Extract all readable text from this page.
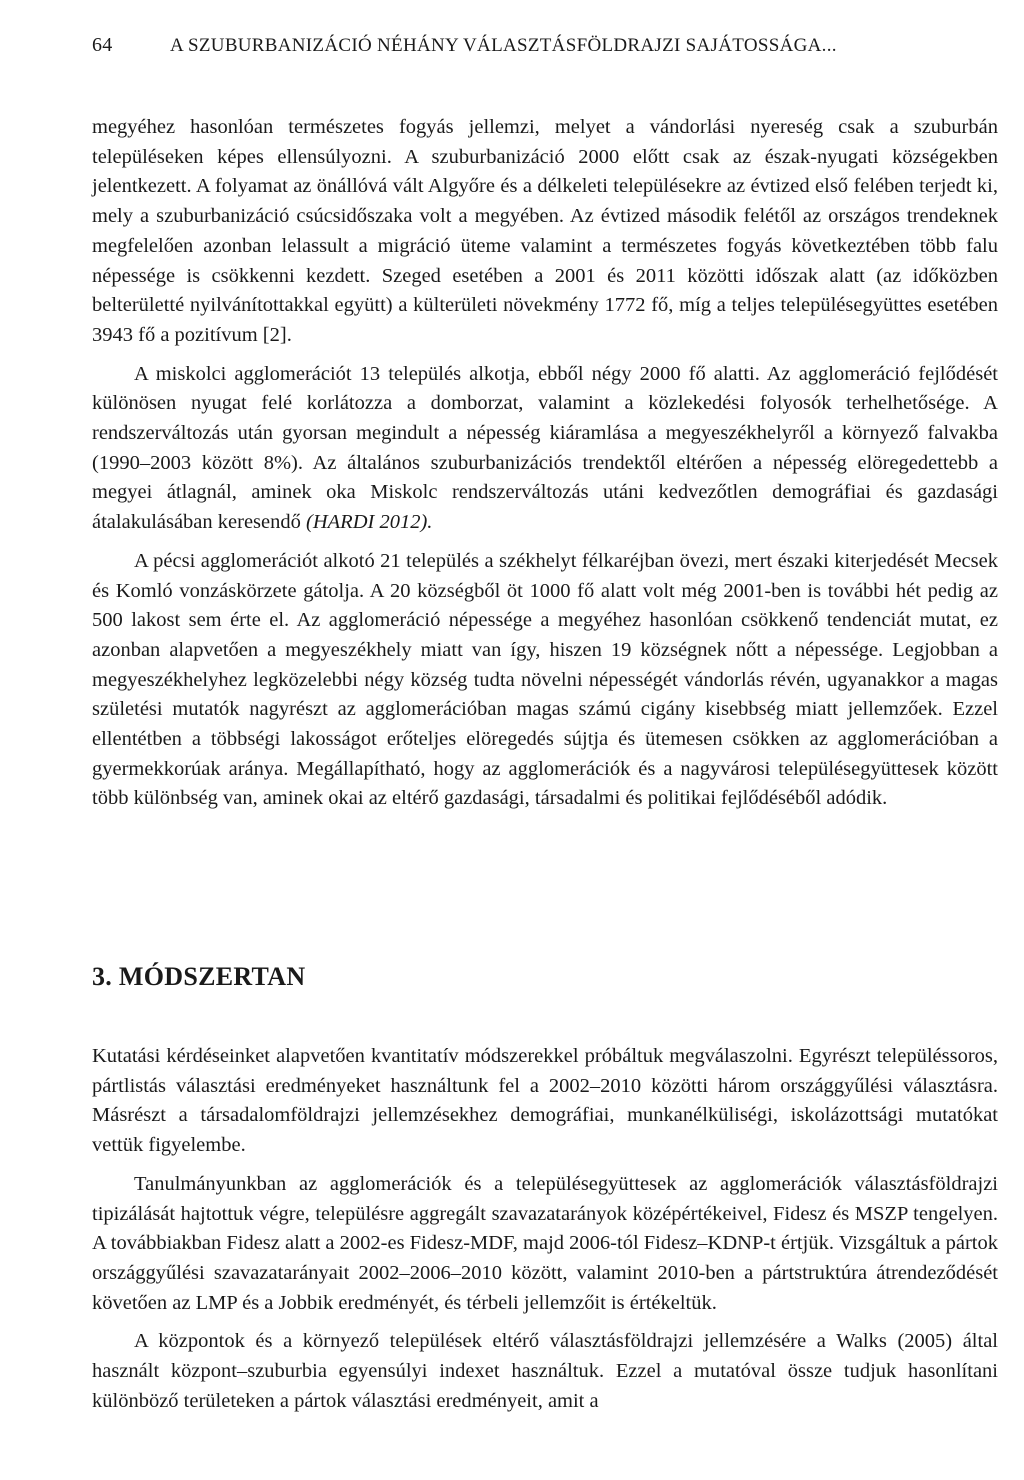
64	A SZUBURBANIZÁCIÓ NÉHÁNY VÁLASZTÁSFÖLDRAJZI SAJÁTOSSÁGA...

megyéhez hasonlóan természetes fogyás jellemzi, melyet a vándorlási nyereség csak a szuburbán településeken képes ellensúlyozni. A szuburbanizáció 2000 előtt csak az észak-nyugati községekben jelentkezett. A folyamat az önállóvá vált Algyőre és a délkeleti településekre az évtized első felében terjedt ki, mely a szuburbanizáció csúcsidőszaka volt a megyében. Az évtized második felétől az országos trendeknek megfelelően azonban lelassult a migráció üteme valamint a természetes fogyás következtében több falu népessége is csökkenni kezdett. Szeged esetében a 2001 és 2011 közötti időszak alatt (az időközben belterületté nyilvánítottakkal együtt) a külterületi növekmény 1772 fő, míg a teljes településegyüttes esetében 3943 fő a pozitívum [2].

A miskolci agglomerációt 13 település alkotja, ebből négy 2000 fő alatti. Az agglomeráció fejlődését különösen nyugat felé korlátozza a domborzat, valamint a közlekedési folyosók terhelhetősége. A rendszerváltozás után gyorsan megindult a népesség kiáramlása a megyeszékhelyről a környező falvakba (1990–2003 között 8%). Az általános szuburbanizációs trendektől eltérően a népesség elöregedettebb a megyei átlagnál, aminek oka Miskolc rendszerváltozás utáni kedvezőtlen demográfiai és gazdasági átalakulásában keresendő (HARDI 2012).

A pécsi agglomerációt alkotó 21 település a székhelyt félkaréjban övezi, mert északi kiterjedését Mecsek és Komló vonzáskörzete gátolja. A 20 községből öt 1000 fő alatt volt még 2001-ben is további hét pedig az 500 lakost sem érte el. Az agglomeráció népessége a megyéhez hasonlóan csökkenő tendenciát mutat, ez azonban alapvetően a megyeszékhely miatt van így, hiszen 19 községnek nőtt a népessége. Legjobban a megyeszékhelyhez legközelebbi négy község tudta növelni népességét vándorlás révén, ugyanakkor a magas születési mutatók nagyrészt az agglomerációban magas számú cigány kisebbség miatt jellemzőek. Ezzel ellentétben a többségi lakosságot erőteljes elöregedés sújtja és ütemesen csökken az agglomerációban a gyermekkorúak aránya. Megállapítható, hogy az agglomerációk és a nagyvárosi településegyüttesek között több különbség van, aminek okai az eltérő gazdasági, társadalmi és politikai fejlődéséből adódik.

3. MÓDSZERTAN

Kutatási kérdéseinket alapvetően kvantitatív módszerekkel próbáltuk megválaszolni. Egyrészt településsoros, pártlistás választási eredményeket használtunk fel a 2002–2010 közötti három országgyűlési választásra. Másrészt a társadalomföldrajzi jellemzésekhez demográfiai, munkanélküliségi, iskolázottsági mutatókat vettük figyelembe.

Tanulmányunkban az agglomerációk és a településegyüttesek az agglomerációk választásföldrajzi tipizálását hajtottuk végre, településre aggregált szavazatarányok középértékeivel, Fidesz és MSZP tengelyen. A továbbiakban Fidesz alatt a 2002-es Fidesz-MDF, majd 2006-tól Fidesz–KDNP-t értjük. Vizsgáltuk a pártok országgyűlési szavazatarányait 2002–2006–2010 között, valamint 2010-ben a pártstruktúra átrendeződését követően az LMP és a Jobbik eredményét, és térbeli jellemzőit is értékeltük.

A központok és a környező települések eltérő választásföldrajzi jellemzésére a Walks (2005) által használt központ–szuburbia egyensúlyi indexet használtuk. Ezzel a mutatóval össze tudjuk hasonlítani különböző területeken a pártok választási eredményeit, amit a
